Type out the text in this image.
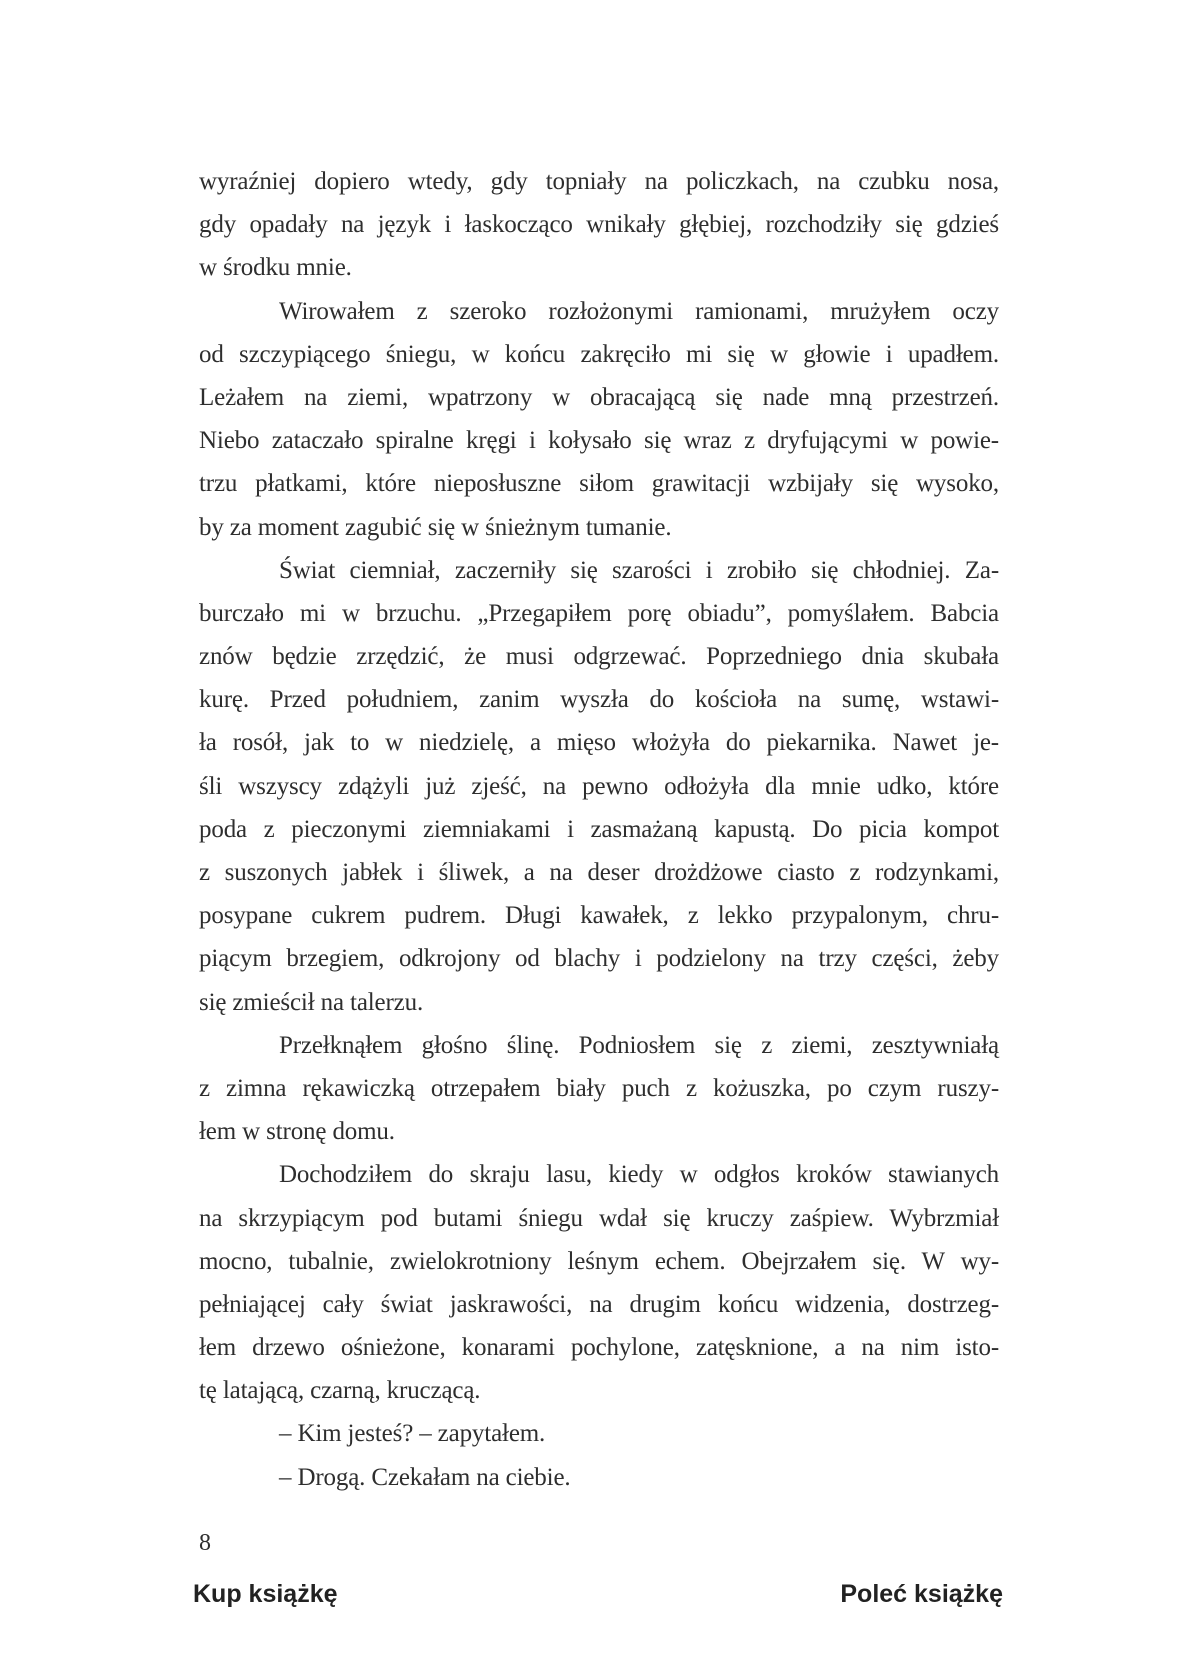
wyraźniej dopiero wtedy, gdy topniały na policzkach, na czubku nosa,
gdy opadały na język i łaskocząco wnikały głębiej, rozchodziły się gdzieś
w środku mnie.
Wirowałem z szeroko rozłożonymi ramionami, mrużyłem oczy
od szczypiącego śniegu, w końcu zakręciło mi się w głowie i upadłem.
Leżałem na ziemi, wpatrzony w obracającą się nade mną przestrzeń.
Niebo zataczało spiralne kręgi i kołysało się wraz z dryfującymi w powie-
trzu płatkami, które nieposłuszne siłom grawitacji wzbijały się wysoko,
by za moment zagubić się w śnieżnym tumanie.
Świat ciemniał, zaczerniły się szarości i zrobiło się chłodniej. Za-
burczało mi w brzuchu. „Przegapiłem porę obiadu”, pomyślałem. Babcia
znów będzie zrzędzić, że musi odgrzewać. Poprzedniego dnia skubała
kurę. Przed południem, zanim wyszła do kościoła na sumę, wstawi-
ła rosół, jak to w niedzielę, a mięso włożyła do piekarnika. Nawet je-
śli wszyscy zdążyli już zjeść, na pewno odłożyła dla mnie udko, które
poda z pieczonymi ziemniakami i zasmażaną kapustą. Do picia kompot
z suszonych jabłek i śliwek, a na deser drożdżowe ciasto z rodzynkami,
posypane cukrem pudrem. Długi kawałek, z lekko przypalonym, chru-
piącym brzegiem, odkrojony od blachy i podzielony na trzy części, żeby
się zmieścił na talerzu.
Przełknąłem głośno ślinę. Podniosłem się z ziemi, zesztywniałą
z zimna rękawiczką otrzepałem biały puch z kożuszka, po czym ruszy-
łem w stronę domu.
Dochodziłem do skraju lasu, kiedy w odgłos kroków stawianych
na skrzypiącym pod butami śniegu wdał się kruczy zaśpiew. Wybrzmiał
mocno, tubalnie, zwielokrotniony leśnym echem. Obejrzałem się. W wy-
pełniającej cały świat jaskrawości, na drugim końcu widzenia, dostrzeg-
łem drzewo ośnieżone, konarami pochylone, zatęsknione, a na nim isto-
tę latającą, czarną, kruczącą.
– Kim jesteś? – zapytałem.
– Drogą. Czekałam na ciebie.
8
Kup książkę	Poleć książkę
